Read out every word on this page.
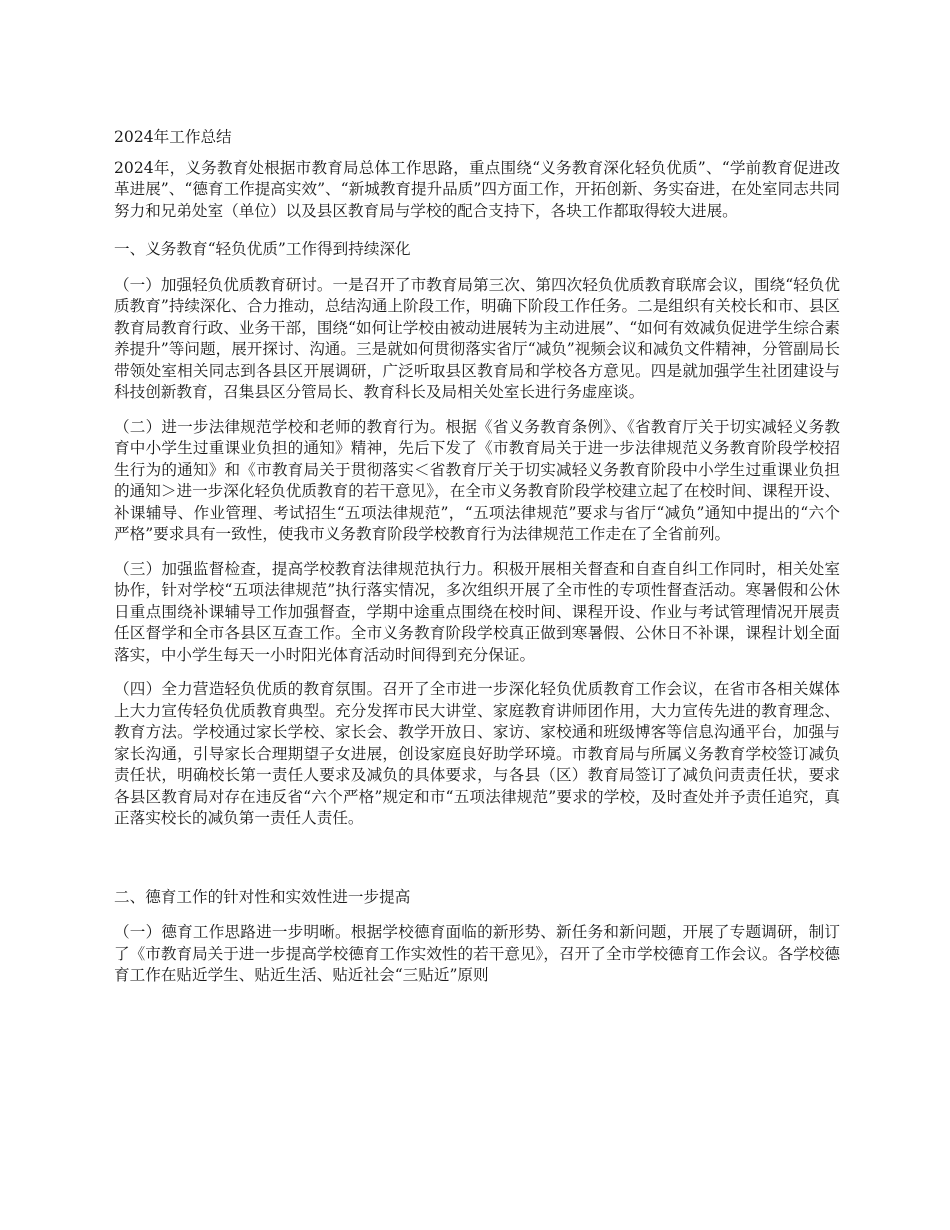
2024年工作总结

2024年，义务教育处根据市教育局总体工作思路，重点围绕“义务教育深化轻负优质”、“学前教育促进改革进展”、“德育工作提高实效”、“新城教育提升品质”四方面工作，开拓创新、务实奋进，在处室同志共同努力和兄弟处室（单位）以及县区教育局与学校的配合支持下，各块工作都取得较大进展。

一、义务教育“轻负优质”工作得到持续深化

（一）加强轻负优质教育研讨。一是召开了市教育局第三次、第四次轻负优质教育联席会议，围绕“轻负优质教育”持续深化、合力推动，总结沟通上阶段工作，明确下阶段工作任务。二是组织有关校长和市、县区教育局教育行政、业务干部，围绕“如何让学校由被动进展转为主动进展”、“如何有效减负促进学生综合素养提升”等问题，展开探讨、沟通。三是就如何贯彻落实省厅“减负”视频会议和减负文件精神，分管副局长带领处室相关同志到各县区开展调研，广泛听取县区教育局和学校各方意见。四是就加强学生社团建设与科技创新教育，召集县区分管局长、教育科长及局相关处室长进行务虚座谈。

（二）进一步法律规范学校和老师的教育行为。根据《省义务教育条例》、《省教育厅关于切实减轻义务教育中小学生过重课业负担的通知》精神，先后下发了《市教育局关于进一步法律规范义务教育阶段学校招生行为的通知》和《市教育局关于贯彻落实＜省教育厅关于切实减轻义务教育阶段中小学生过重课业负担的通知＞进一步深化轻负优质教育的若干意见》，在全市义务教育阶段学校建立起了在校时间、课程开设、补课辅导、作业管理、考试招生“五项法律规范”，“五项法律规范”要求与省厅“减负”通知中提出的“六个严格”要求具有一致性，使我市义务教育阶段学校教育行为法律规范工作走在了全省前列。

（三）加强监督检查，提高学校教育法律规范执行力。积极开展相关督查和自查自纠工作同时，相关处室协作，针对学校“五项法律规范”执行落实情况，多次组织开展了全市性的专项性督查活动。寒暑假和公休日重点围绕补课辅导工作加强督查，学期中途重点围绕在校时间、课程开设、作业与考试管理情况开展责任区督学和全市各县区互查工作。全市义务教育阶段学校真正做到寒暑假、公休日不补课，课程计划全面落实，中小学生每天一小时阳光体育活动时间得到充分保证。

（四）全力营造轻负优质的教育氛围。召开了全市进一步深化轻负优质教育工作会议，在省市各相关媒体上大力宣传轻负优质教育典型。充分发挥市民大讲堂、家庭教育讲师团作用，大力宣传先进的教育理念、教育方法。学校通过家长学校、家长会、教学开放日、家访、家校通和班级博客等信息沟通平台，加强与家长沟通，引导家长合理期望子女进展，创设家庭良好助学环境。市教育局与所属义务教育学校签订减负责任状，明确校长第一责任人要求及减负的具体要求，与各县（区）教育局签订了减负问责责任状，要求各县区教育局对存在违反省“六个严格”规定和市“五项法律规范”要求的学校，及时查处并予责任追究，真正落实校长的减负第一责任人责任。

二、德育工作的针对性和实效性进一步提高

（一）德育工作思路进一步明晰。根据学校德育面临的新形势、新任务和新问题，开展了专题调研，制订了《市教育局关于进一步提高学校德育工作实效性的若干意见》，召开了全市学校德育工作会议。各学校德育工作在贴近学生、贴近生活、贴近社会“三贴近”原则
